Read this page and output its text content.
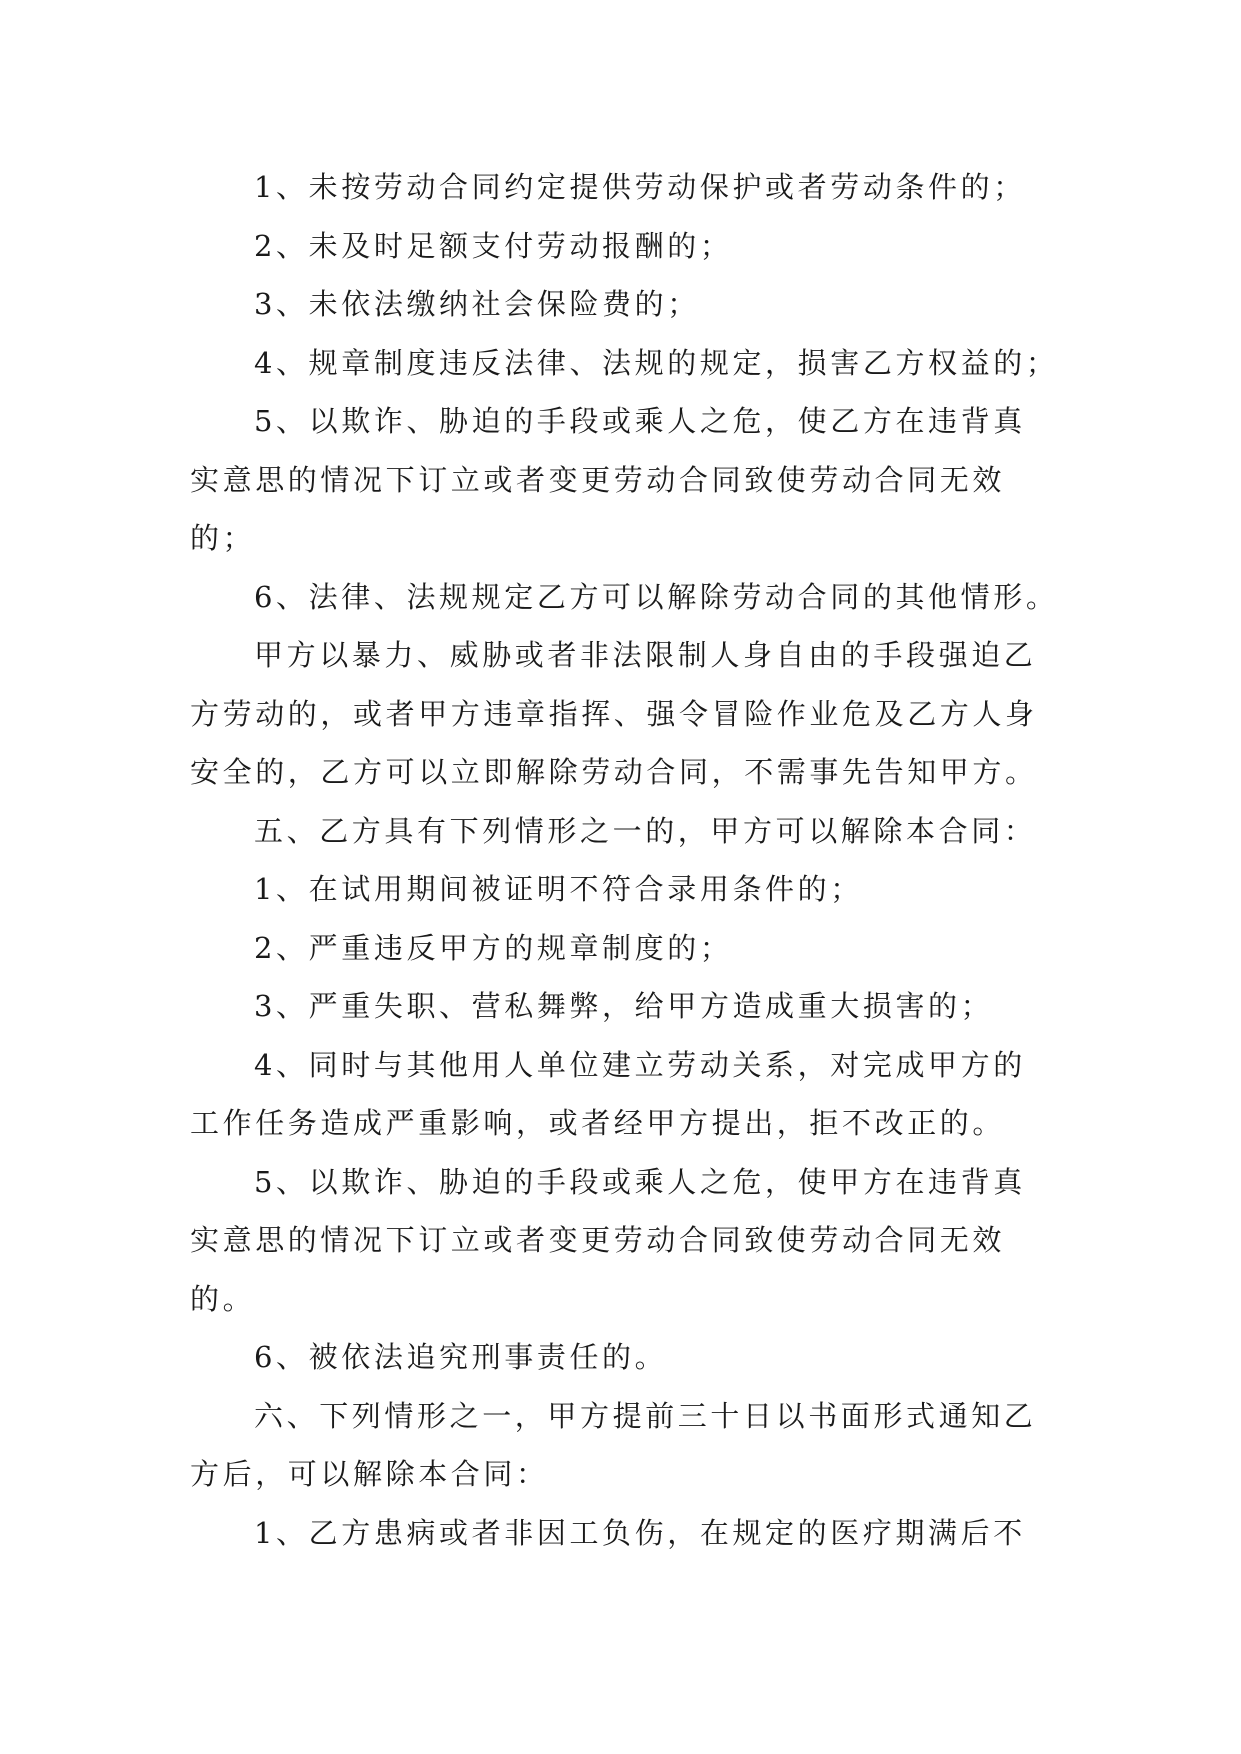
1、未按劳动合同约定提供劳动保护或者劳动条件的；
2、未及时足额支付劳动报酬的；
3、未依法缴纳社会保险费的；
4、规章制度违反法律、法规的规定，损害乙方权益的；
5、以欺诈、胁迫的手段或乘人之危，使乙方在违背真
实意思的情况下订立或者变更劳动合同致使劳动合同无效
的；
6、法律、法规规定乙方可以解除劳动合同的其他情形。
甲方以暴力、威胁或者非法限制人身自由的手段强迫乙
方劳动的，或者甲方违章指挥、强令冒险作业危及乙方人身
安全的，乙方可以立即解除劳动合同，不需事先告知甲方。
五、乙方具有下列情形之一的，甲方可以解除本合同：
1、在试用期间被证明不符合录用条件的；
2、严重违反甲方的规章制度的；
3、严重失职、营私舞弊，给甲方造成重大损害的；
4、同时与其他用人单位建立劳动关系，对完成甲方的
工作任务造成严重影响，或者经甲方提出，拒不改正的。
5、以欺诈、胁迫的手段或乘人之危，使甲方在违背真
实意思的情况下订立或者变更劳动合同致使劳动合同无效
的。
6、被依法追究刑事责任的。
六、下列情形之一，甲方提前三十日以书面形式通知乙
方后，可以解除本合同：
1、乙方患病或者非因工负伤，在规定的医疗期满后不
